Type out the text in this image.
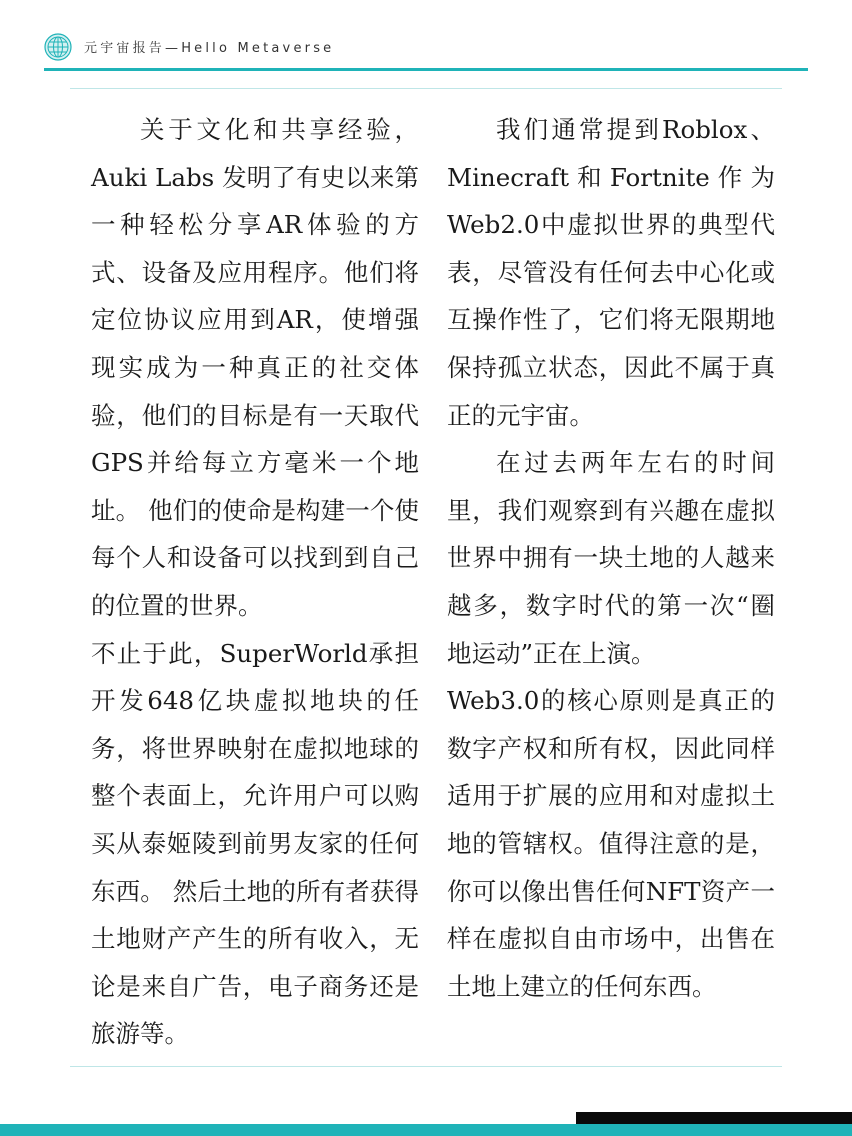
元宇宙报告—Hello Metaverse

关于文化和共享经验，Auki Labs 发明了有史以来第一种轻松分享AR体验的方式、设备及应用程序。他们将定位协议应用到AR，使增强现实成为一种真正的社交体验，他们的目标是有一天取代GPS并给每立方毫米一个地址。 他们的使命是构建一个使每个人和设备可以找到到自己的位置的世界。

不止于此，SuperWorld承担开发648亿块虚拟地块的任务，将世界映射在虚拟地球的整个表面上，允许用户可以购买从泰姬陵到前男友家的任何东西。 然后土地的所有者获得土地财产产生的所有收入，无论是来自广告，电子商务还是旅游等。

我们通常提到Roblox、Minecraft 和 Fortnite 作 为Web2.0中虚拟世界的典型代表，尽管没有任何去中心化或互操作性了，它们将无限期地保持孤立状态，因此不属于真正的元宇宙。

在过去两年左右的时间里，我们观察到有兴趣在虚拟世界中拥有一块土地的人越来越多，数字时代的第一次“圈地运动”正在上演。

Web3.0的核心原则是真正的数字产权和所有权，因此同样适用于扩展的应用和对虚拟土地的管辖权。值得注意的是，你可以像出售任何NFT资产一样在虚拟自由市场中，出售在土地上建立的任何东西。
